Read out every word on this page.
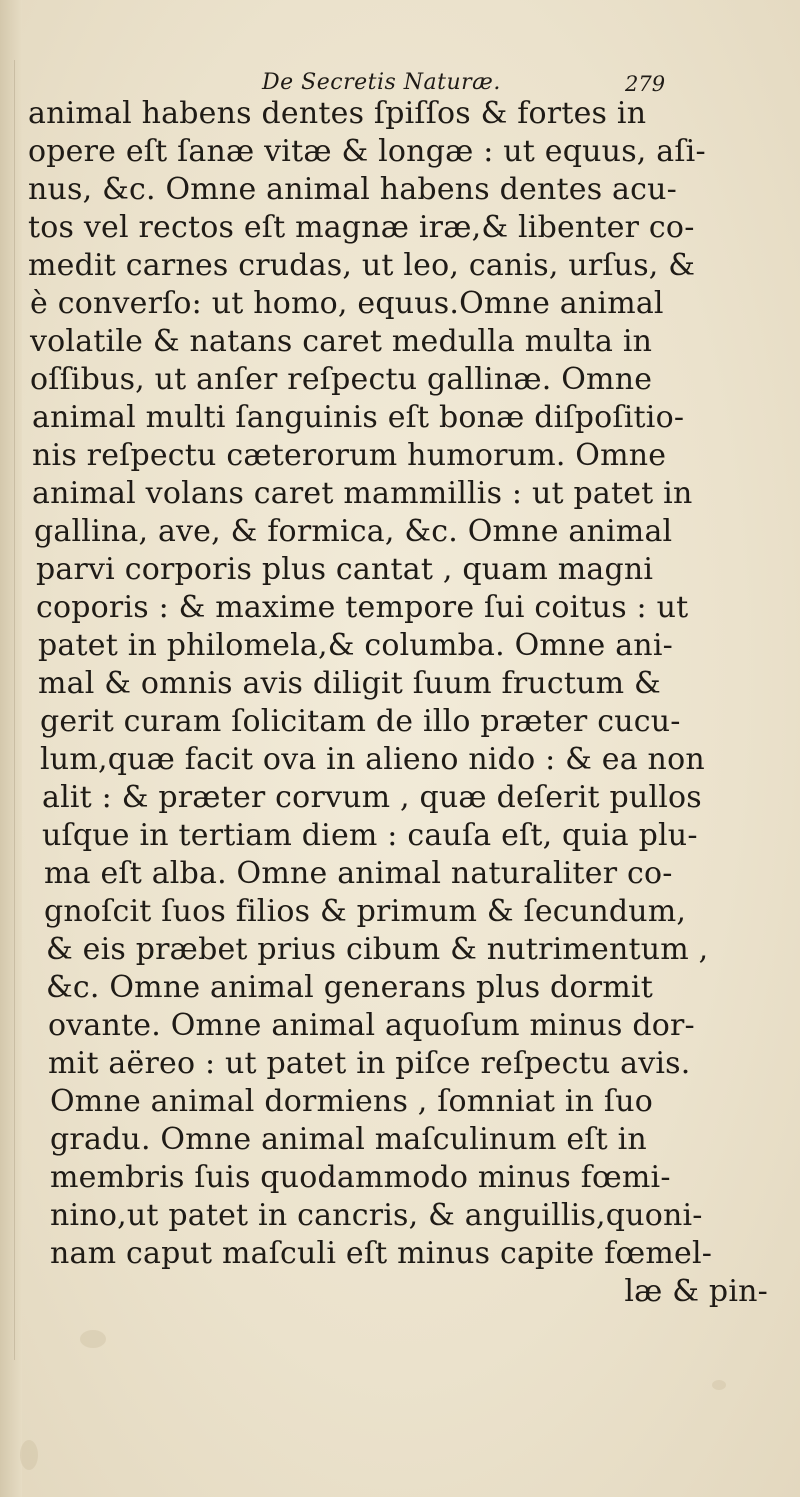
De Secretis Naturæ.	279
animal habens dentes ſpiſſos & fortes in
opere eſt ſanæ vitæ & longæ : ut equus, aſi-
nus, &c. Omne animal habens dentes acu-
tos vel rectos eſt magnæ iræ,& libenter co-
medit carnes crudas, ut leo, canis, urſus, &
è converſo: ut homo, equus.Omne animal
volatile & natans caret medulla multa in
oſſibus, ut anſer reſpectu gallinæ. Omne
animal multi ſanguinis eſt bonæ diſpoſitio-
nis reſpectu cæterorum humorum. Omne
animal volans caret mammillis : ut patet in
gallina, ave, & formica, &c. Omne animal
parvi corporis plus cantat , quam magni
coporis : & maxime tempore ſui coitus : ut
patet in philomela,& columba. Omne ani-
mal & omnis avis diligit ſuum fructum &
gerit curam ſolicitam de illo præter cucu-
lum,quæ facit ova in alieno nido : & ea non
alit : & præter corvum , quæ deſerit pullos
uſque in tertiam diem : cauſa eſt, quia plu-
ma eſt alba. Omne animal naturaliter co-
gnoſcit ſuos filios & primum & ſecundum,
& eis præbet prius cibum & nutrimentum ,
&c. Omne animal generans plus dormit
ovante. Omne animal aquoſum minus dor-
mit aëreo : ut patet in piſce reſpectu avis.
Omne animal dormiens , ſomniat in ſuo
gradu. Omne animal maſculinum eſt in
membris ſuis quodammodo minus fœmi-
nino,ut patet in cancris, & anguillis,quoni-
nam caput maſculi eſt minus capite fœmel-
læ & pin-
